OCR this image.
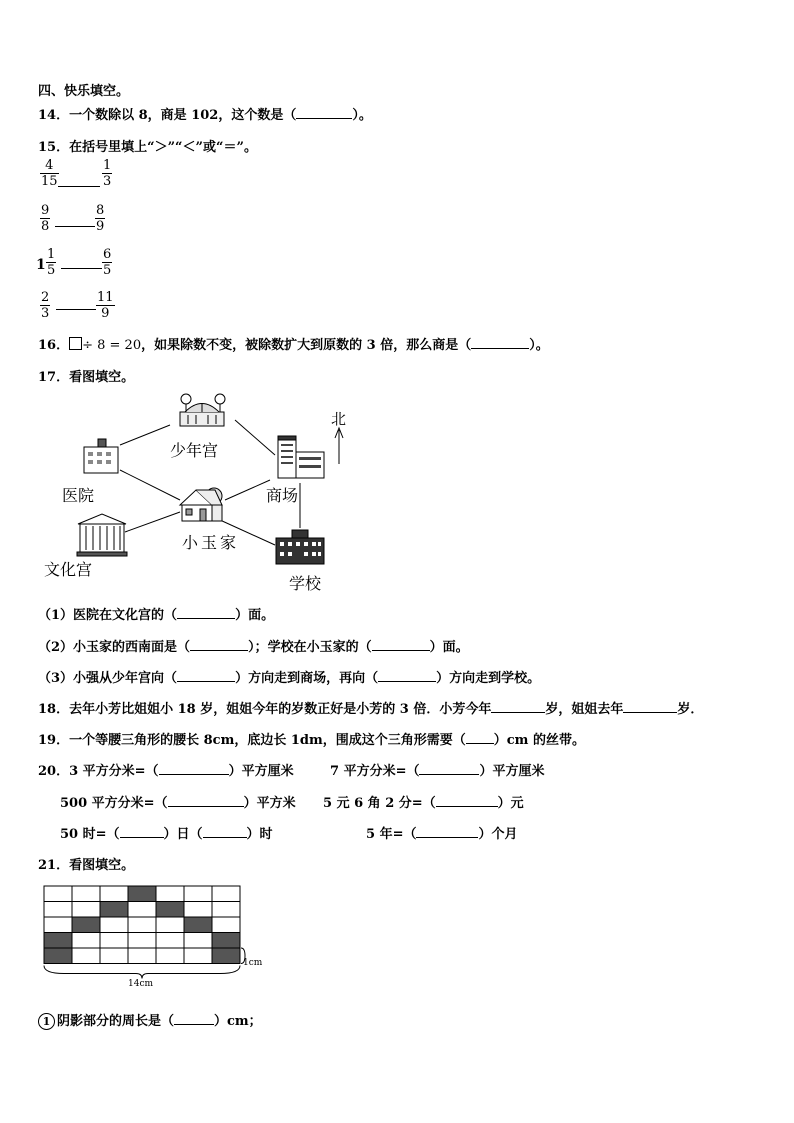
四、快乐填空。
14．一个数除以 8，商是 102，这个数是（	）。
15．在括号里填上“＞”“＜”或“＝”。
$\frac{4}{15}$	$\frac{1}{3}$
$\frac{9}{8}$	$\frac{8}{9}$
$1 \frac{1}{5}$	$\frac{6}{5}$
$\frac{2}{3}$	$\frac{11}{9}$
16． ÷ 8 = 20，如果除数不变，被除数扩大到原数的 3 倍，那么商是（	）。
17．看图填空。
北
少年宫
医院	商场
小玉家
文化宫
学校
（1）医院在文化宫的（	）面。
（2）小玉家的西南面是（	）；学校在小玉家的（	）面。
（3）小强从少年宫向（	）方向走到商场，再向（	）方向走到学校。
18．去年小芳比姐姐小 18 岁，姐姐今年的岁数正好是小芳的 3 倍．小芳今年	岁，姐姐去年	岁．
19．一个等腰三角形的腰长 8cm，底边长 1dm，围成这个三角形需要（ ）cm 的丝带。
20．3 平方分米=（	）平方厘米	7 平方分米=（	）平方厘米
500 平方分米=（	）平方米 5 元 6 角 2 分=（	）元
50 时=（	）日（	）时	5 年=（	）个月
21．看图填空。
14cm
1cm
1 阴影部分的周长是（	）cm；
